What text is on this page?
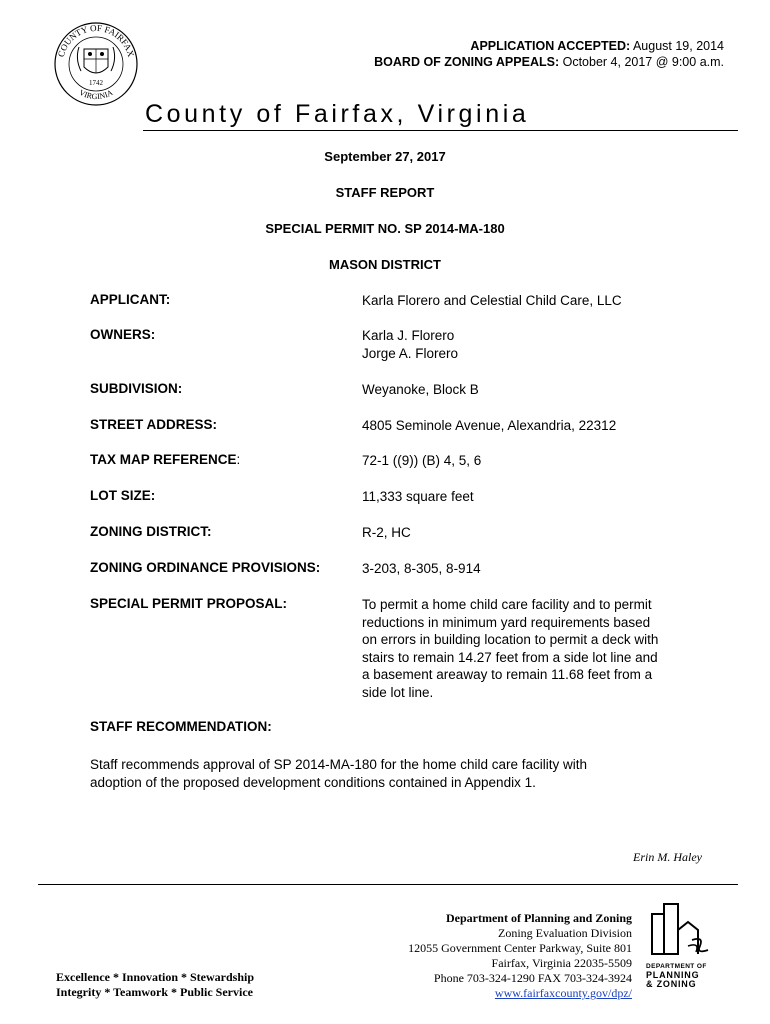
COUNTY OF FAIRFAX
VIRGINIA
1742
APPLICATION ACCEPTED: August 19, 2014
BOARD OF ZONING APPEALS: October 4, 2017 @ 9:00 a.m.
County of Fairfax, Virginia
September 27, 2017
STAFF REPORT
SPECIAL PERMIT NO. SP 2014-MA-180
MASON DISTRICT
APPLICANT:	Karla Florero and Celestial Child Care, LLC
OWNERS:	Karla J. Florero
Jorge A. Florero
SUBDIVISION:	Weyanoke, Block B
STREET ADDRESS:	4805 Seminole Avenue, Alexandria, 22312
TAX MAP REFERENCE:	72-1 ((9)) (B) 4, 5, 6
LOT SIZE:	11,333 square feet
ZONING DISTRICT:	R-2, HC
ZONING ORDINANCE PROVISIONS:	3-203, 8-305, 8-914
SPECIAL PERMIT PROPOSAL:	To permit a home child care facility and to permit
reductions in minimum yard requirements based
on errors in building location to permit a deck with
stairs to remain 14.27 feet from a side lot line and
a basement areaway to remain 11.68 feet from a
side lot line.
STAFF RECOMMENDATION:
Staff recommends approval of SP 2014-MA-180 for the home child care facility with
adoption of the proposed development conditions contained in Appendix 1.
Erin M. Haley
Excellence * Innovation * Stewardship
Integrity * Teamwork * Public Service
Department of Planning and Zoning
Zoning Evaluation Division
12055 Government Center Parkway, Suite 801
Fairfax, Virginia 22035-5509
Phone 703-324-1290 FAX 703-324-3924
www.fairfaxcounty.gov/dpz/
DEPARTMENT OF
PLANNING
& ZONING
